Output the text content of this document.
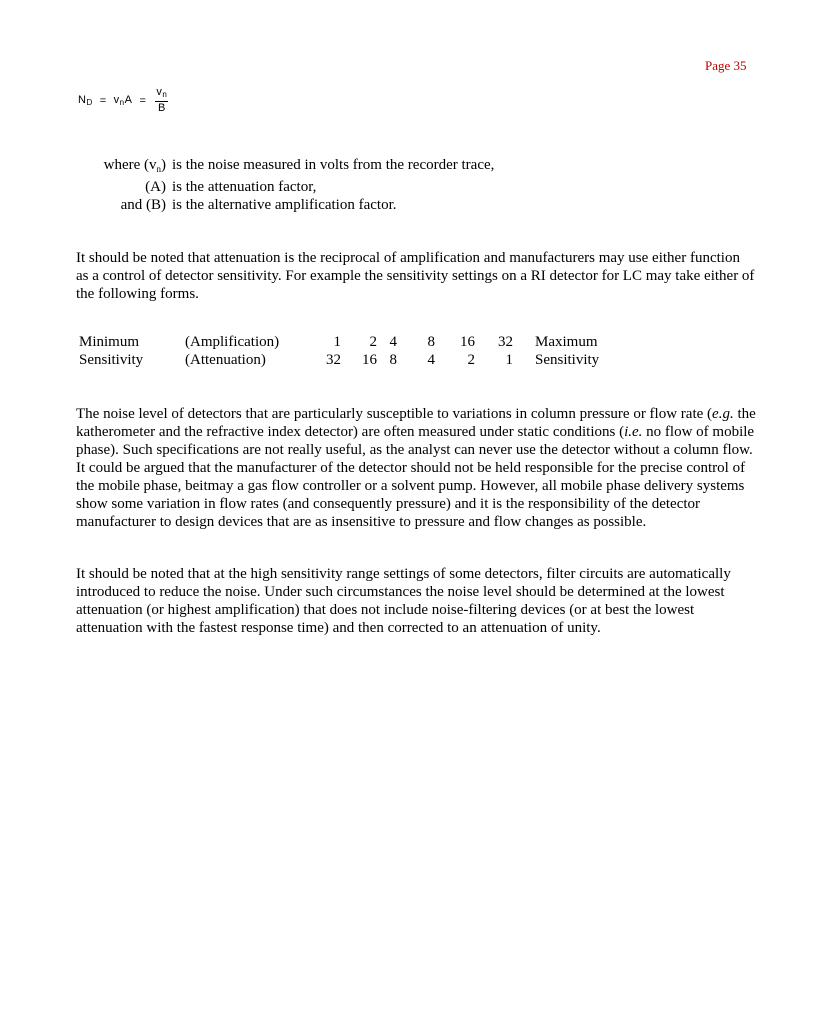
Page 35
$N_D = v_nA = \frac{v_n}{B}$
where $(v_n)$ is the noise measured in volts from the recorder trace,
(A) is the attenuation factor,
and (B) is the alternative amplification factor.

It should be noted that attenuation is the reciprocal of amplification and manufacturers may use either function as a control of detector sensitivity. For example the sensitivity settings on a RI detector for LC may take either of the following forms.

Minimum	(Amplification)	1	2	4	8	16	32	Maximum
Sensitivity	(Attenuation)	32	16	8	4	2	1	Sensitivity

The noise level of detectors that are particularly susceptible to variations in column pressure or flow rate (e.g. the katherometer and the refractive index detector) are often measured under static conditions (i.e. no flow of mobile phase). Such specifications are not really useful, as the analyst can never use the detector without a column flow. It could be argued that the manufacturer of the detector should not be held responsible for the precise control of the mobile phase, beitmay a gas flow controller or a solvent pump. However, all mobile phase delivery systems show some variation in flow rates (and consequently pressure) and it is the responsibility of the detector manufacturer to design devices that are as insensitive to pressure and flow changes as possible.

It should be noted that at the high sensitivity range settings of some detectors, filter circuits are automatically introduced to reduce the noise. Under such circumstances the noise level should be determined at the lowest attenuation (or highest amplification) that does not include noise-filtering devices (or at best the lowest attenuation with the fastest response time) and then corrected to an attenuation of unity.
